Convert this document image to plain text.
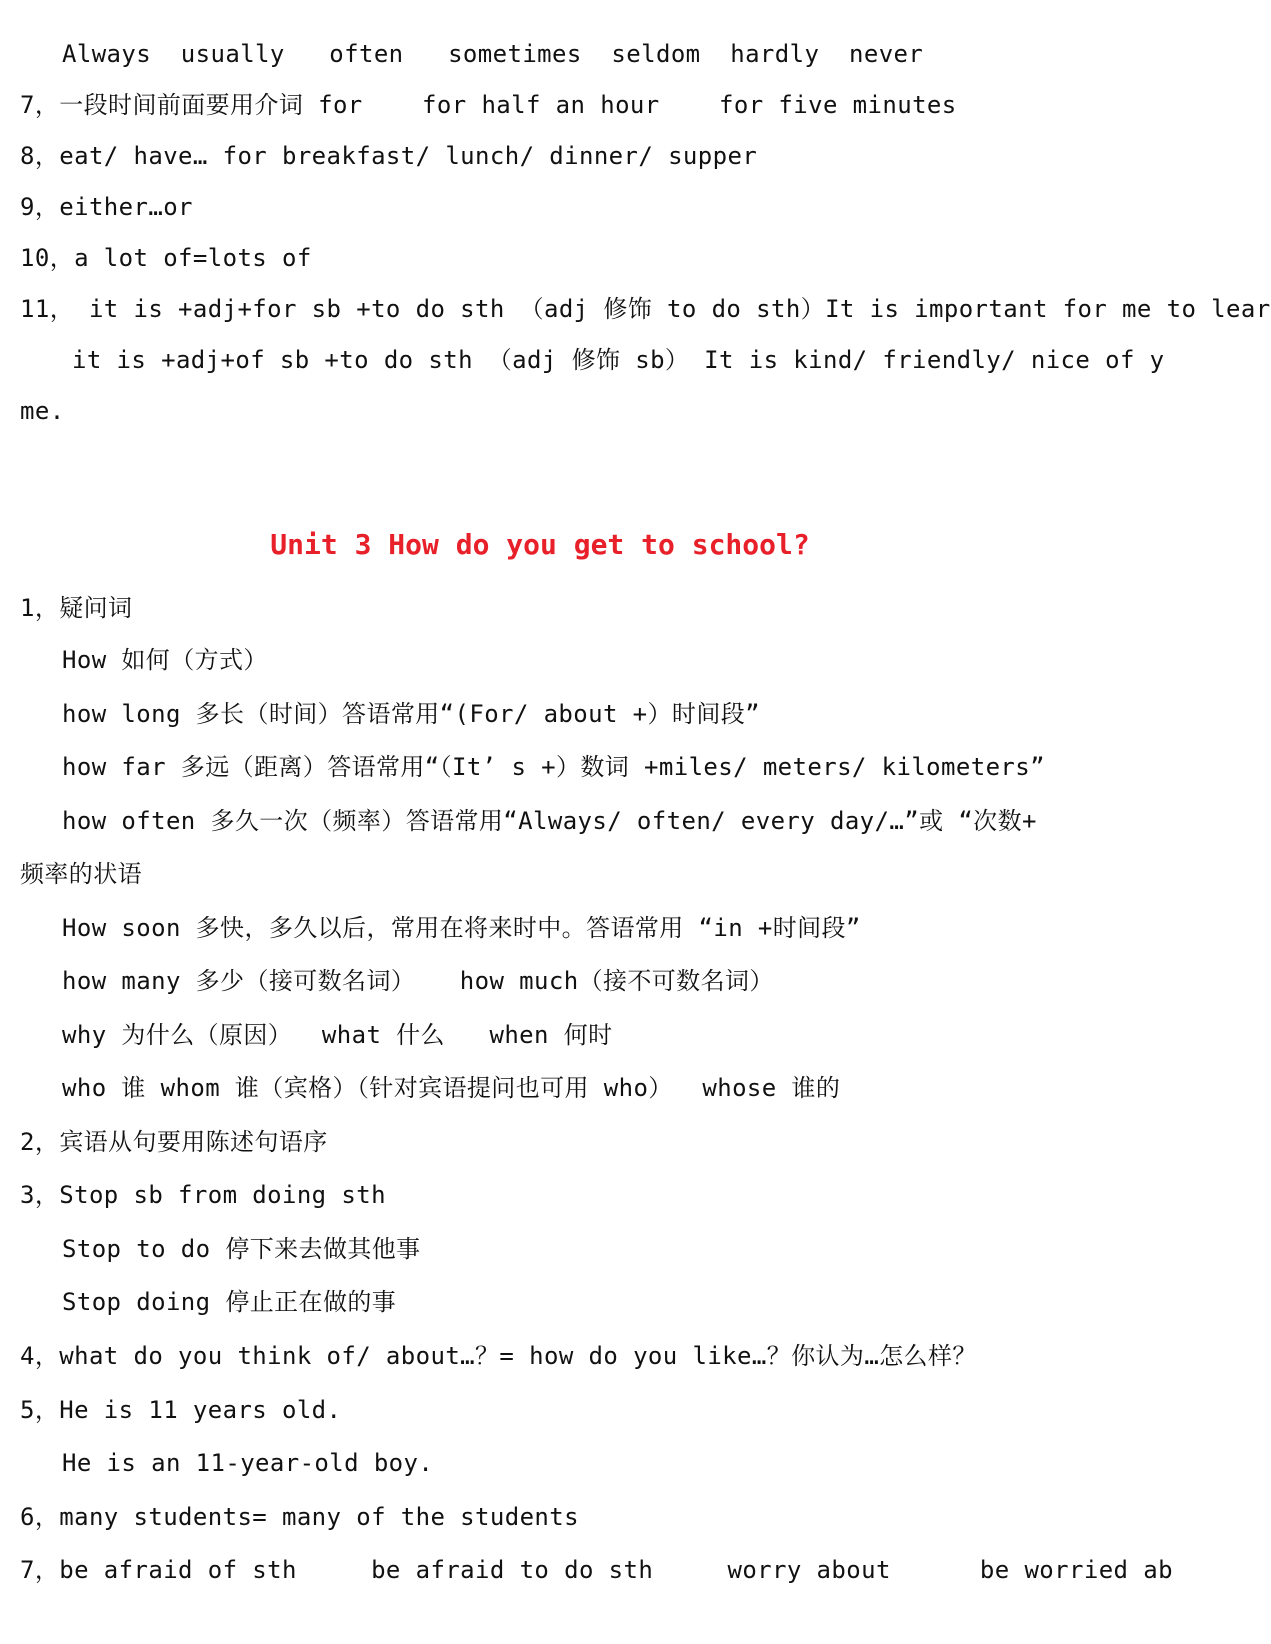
Always  usually   often   sometimes  seldom  hardly  never
7，一段时间前面要用介词 for    for half an hour    for five minutes
8，eat/ have… for breakfast/ lunch/ dinner/ supper
9，either…or
10，a lot of=lots of
11， it is +adj+for sb +to do sth （adj 修饰 to do sth）It is important for me to lear
it is +adj+of sb +to do sth （adj 修饰 sb） It is kind/ friendly/ nice of y
me.
Unit 3 How do you get to school?
1，疑问词
How 如何（方式）
how long 多长（时间）答语常用“(For/ about +）时间段”
how far 多远（距离）答语常用“（It’ s +）数词 +miles/ meters/ kilometers”
how often 多久一次（频率）答语常用“Always/ often/ every day/…”或 “次数+
频率的状语
How soon 多快，多久以后，常用在将来时中。答语常用 “in +时间段”
how many 多少（接可数名词）   how much（接不可数名词）
why 为什么（原因）  what 什么   when 何时
who 谁 whom 谁（宾格）（针对宾语提问也可用 who）  whose 谁的
2，宾语从句要用陈述句语序
3，Stop sb from doing sth
Stop to do 停下来去做其他事
Stop doing 停止正在做的事
4，what do you think of/ about…？= how do you like…？你认为…怎么样？
5，He is 11 years old.
He is an 11-year-old boy.
6，many students= many of the students
7，be afraid of sth     be afraid to do sth     worry about      be worried ab
